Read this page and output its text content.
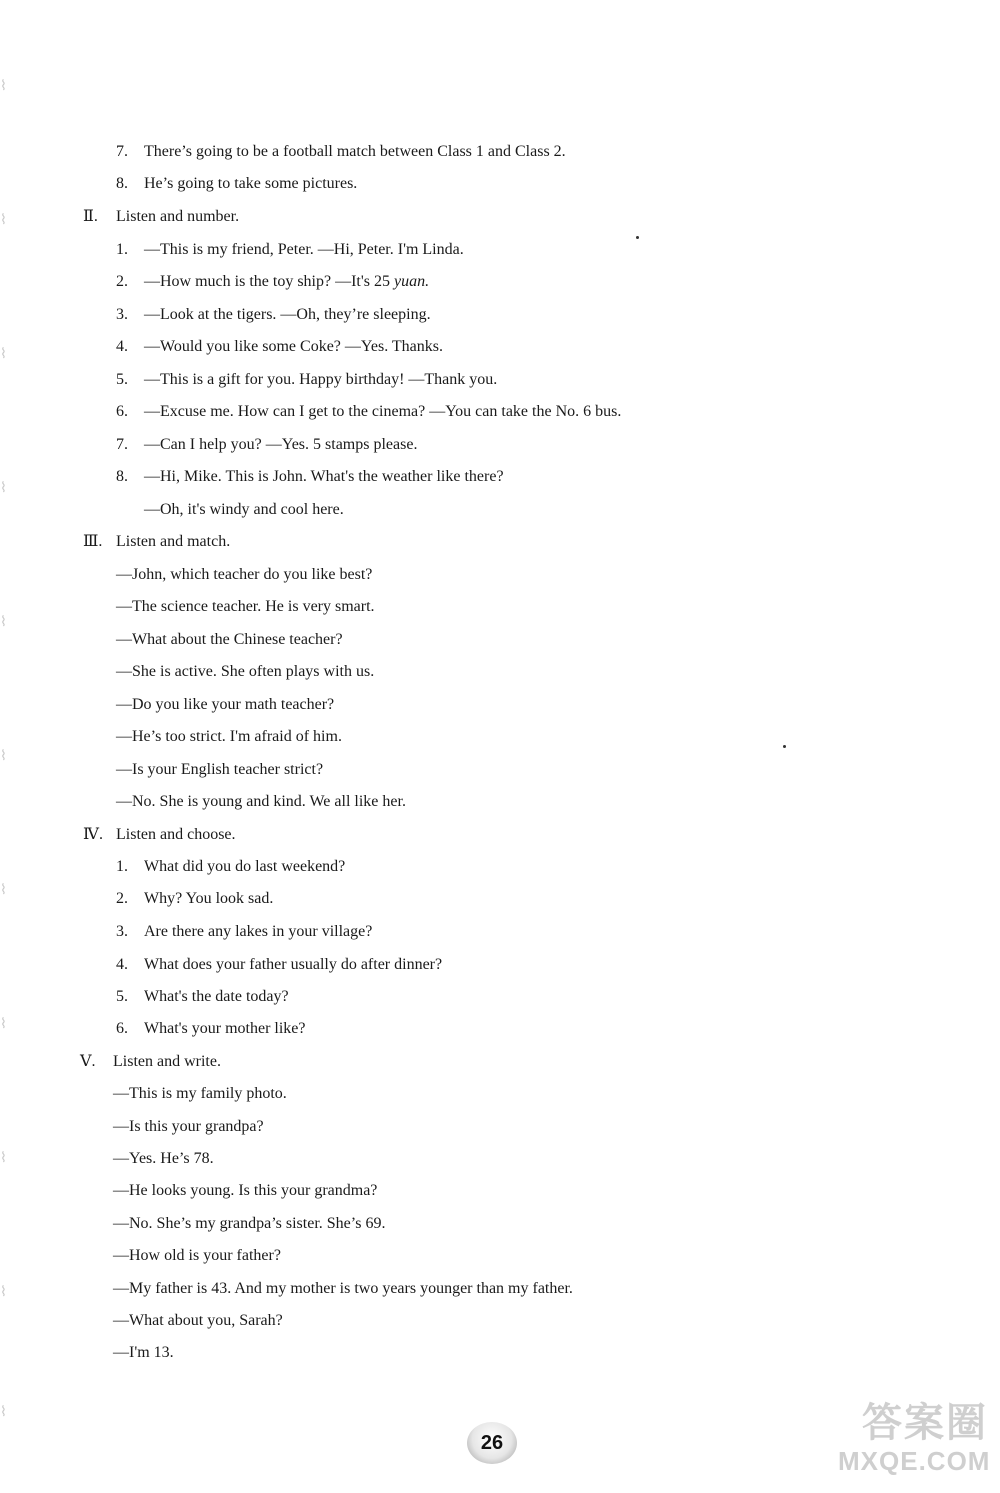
⌇
⌇
⌇
⌇
⌇
⌇
⌇
⌇
⌇
⌇
⌇
7. There’s going to be a football match between Class 1 and Class 2.
8. He’s going to take some pictures.
Ⅱ. Listen and number.
1. —This is my friend, Peter. —Hi, Peter. I'm Linda.
2. —How much is the toy ship? —It's 25 yuan.
3. —Look at the tigers. —Oh, they’re sleeping.
4. —Would you like some Coke? —Yes. Thanks.
5. —This is a gift for you. Happy birthday! —Thank you.
6. —Excuse me. How can I get to the cinema? —You can take the No. 6 bus.
7. —Can I help you? —Yes. 5 stamps please.
8. —Hi, Mike. This is John. What's the weather like there?
—Oh, it's windy and cool here.
Ⅲ. Listen and match.
—John, which teacher do you like best?
—The science teacher. He is very smart.
—What about the Chinese teacher?
—She is active. She often plays with us.
—Do you like your math teacher?
—He’s too strict. I'm afraid of him.
—Is your English teacher strict?
—No. She is young and kind. We all like her.
Ⅳ. Listen and choose.
1. What did you do last weekend?
2. Why? You look sad.
3. Are there any lakes in your village?
4. What does your father usually do after dinner?
5. What's the date today?
6. What's your mother like?
Ⅴ. Listen and write.
—This is my family photo.
—Is this your grandpa?
—Yes. He’s 78.
—He looks young. Is this your grandma?
—No. She’s my grandpa’s sister. She’s 69.
—How old is your father?
—My father is 43. And my mother is two years younger than my father.
—What about you, Sarah?
—I'm 13.
26	答案圈
MXQE.COM
